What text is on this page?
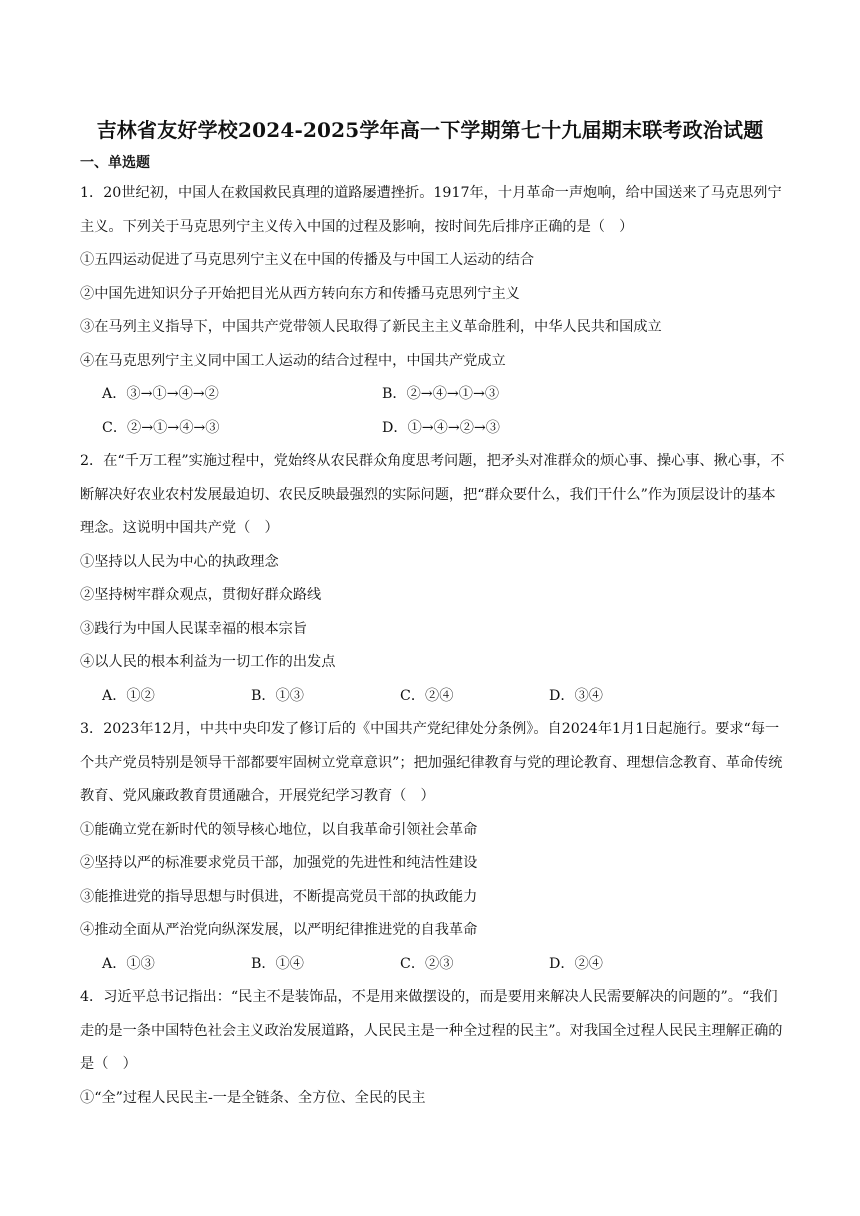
吉林省友好学校2024-2025学年高一下学期第七十九届期末联考政治试题
一、单选题
1．20世纪初，中国人在救国救民真理的道路屡遭挫折。1917年，十月革命一声炮响，给中国送来了马克思列宁主义。下列关于马克思列宁主义传入中国的过程及影响，按时间先后排序正确的是（　）
①五四运动促进了马克思列宁主义在中国的传播及与中国工人运动的结合
②中国先进知识分子开始把目光从西方转向东方和传播马克思列宁主义
③在马列主义指导下，中国共产党带领人民取得了新民主主义革命胜利，中华人民共和国成立
④在马克思列宁主义同中国工人运动的结合过程中，中国共产党成立
A．③→①→④→②	B．②→④→①→③
C．②→①→④→③	D．①→④→②→③
2．在“千万工程”实施过程中，党始终从农民群众角度思考问题，把矛头对准群众的烦心事、操心事、揪心事，不断解决好农业农村发展最迫切、农民反映最强烈的实际问题，把“群众要什么，我们干什么”作为顶层设计的基本理念。这说明中国共产党（　）
①坚持以人民为中心的执政理念
②坚持树牢群众观点，贯彻好群众路线
③践行为中国人民谋幸福的根本宗旨
④以人民的根本利益为一切工作的出发点
A．①②	B．①③	C．②④	D．③④
3．2023年12月，中共中央印发了修订后的《中国共产党纪律处分条例》。自2024年1月1日起施行。要求“每一个共产党员特别是领导干部都要牢固树立党章意识”；把加强纪律教育与党的理论教育、理想信念教育、革命传统教育、党风廉政教育贯通融合，开展党纪学习教育（　）
①能确立党在新时代的领导核心地位，以自我革命引领社会革命
②坚持以严的标准要求党员干部，加强党的先进性和纯洁性建设
③能推进党的指导思想与时俱进，不断提高党员干部的执政能力
④推动全面从严治党向纵深发展，以严明纪律推进党的自我革命
A．①③	B．①④	C．②③	D．②④
4．习近平总书记指出：“民主不是装饰品，不是用来做摆设的，而是要用来解决人民需要解决的问题的”。“我们走的是一条中国特色社会主义政治发展道路，人民民主是一种全过程的民主”。对我国全过程人民民主理解正确的是（　）
①“全”过程人民民主-一是全链条、全方位、全民的民主
